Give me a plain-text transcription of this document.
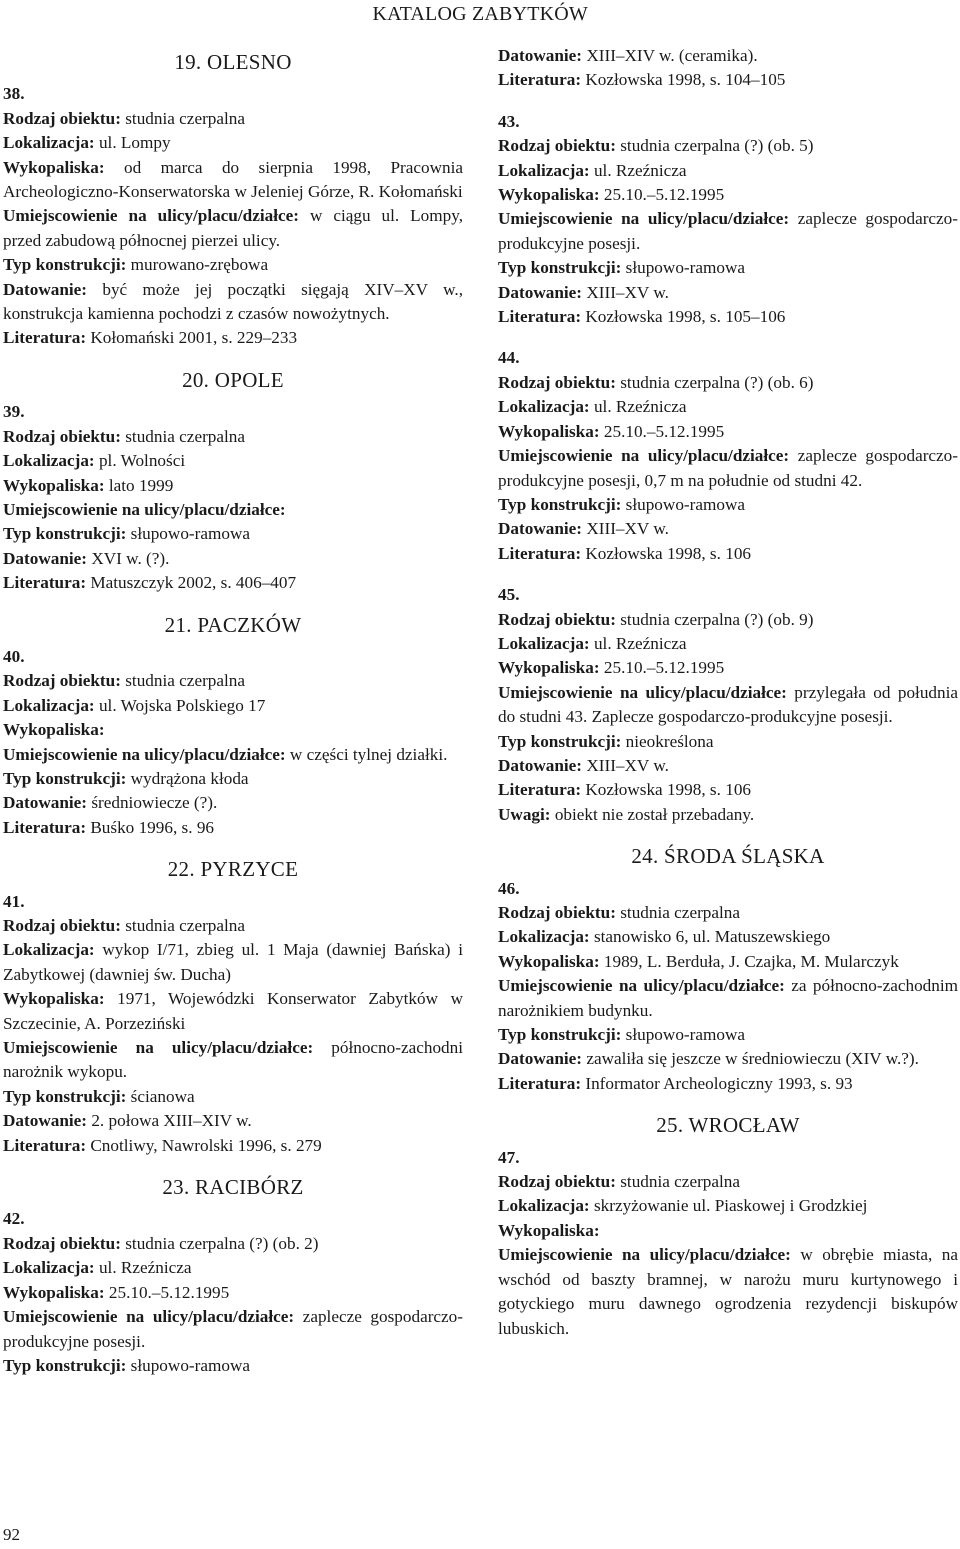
KATALOG ZABYTKÓW
19. OLESNO
38.
Rodzaj obiektu: studnia czerpalna
Lokalizacja: ul. Lompy
Wykopaliska: od marca do sierpnia 1998, Pracownia Archeologiczno-Konserwatorska w Jeleniej Górze, R. Kołomański
Umiejscowienie na ulicy/placu/działce: w ciągu ul. Lompy, przed zabudową północnej pierzei ulicy.
Typ konstrukcji: murowano-zrębowa
Datowanie: być może jej początki sięgają XIV–XV w., konstrukcja kamienna pochodzi z czasów nowożytnych.
Literatura: Kołomański 2001, s. 229–233
20. OPOLE
39.
Rodzaj obiektu: studnia czerpalna
Lokalizacja: pl. Wolności
Wykopaliska: lato 1999
Umiejscowienie na ulicy/placu/działce:
Typ konstrukcji: słupowo-ramowa
Datowanie: XVI w. (?).
Literatura: Matuszczyk 2002, s. 406–407
21. PACZKÓW
40.
Rodzaj obiektu: studnia czerpalna
Lokalizacja: ul. Wojska Polskiego 17
Wykopaliska:
Umiejscowienie na ulicy/placu/działce: w części tylnej działki.
Typ konstrukcji: wydrążona kłoda
Datowanie: średniowiecze (?).
Literatura: Buśko 1996, s. 96
22. PYRZYCE
41.
Rodzaj obiektu: studnia czerpalna
Lokalizacja: wykop I/71, zbieg ul. 1 Maja (dawniej Bańska) i Zabytkowej (dawniej św. Ducha)
Wykopaliska: 1971, Wojewódzki Konserwator Zabytków w Szczecinie, A. Porzeziński
Umiejscowienie na ulicy/placu/działce: północno-zachodni narożnik wykopu.
Typ konstrukcji: ścianowa
Datowanie: 2. połowa XIII–XIV w.
Literatura: Cnotliwy, Nawrolski 1996, s. 279
23. RACIBÓRZ
42.
Rodzaj obiektu: studnia czerpalna (?) (ob. 2)
Lokalizacja: ul. Rzeźnicza
Wykopaliska: 25.10.–5.12.1995
Umiejscowienie na ulicy/placu/działce: zaplecze gospodarczo-produkcyjne posesji.
Typ konstrukcji: słupowo-ramowa
Datowanie: XIII–XIV w. (ceramika).
Literatura: Kozłowska 1998, s. 104–105
43.
Rodzaj obiektu: studnia czerpalna (?) (ob. 5)
Lokalizacja: ul. Rzeźnicza
Wykopaliska: 25.10.–5.12.1995
Umiejscowienie na ulicy/placu/działce: zaplecze gospodarczo-produkcyjne posesji.
Typ konstrukcji: słupowo-ramowa
Datowanie: XIII–XV w.
Literatura: Kozłowska 1998, s. 105–106
44.
Rodzaj obiektu: studnia czerpalna (?) (ob. 6)
Lokalizacja: ul. Rzeźnicza
Wykopaliska: 25.10.–5.12.1995
Umiejscowienie na ulicy/placu/działce: zaplecze gospodarczo-produkcyjne posesji, 0,7 m na południe od studni 42.
Typ konstrukcji: słupowo-ramowa
Datowanie: XIII–XV w.
Literatura: Kozłowska 1998, s. 106
45.
Rodzaj obiektu: studnia czerpalna (?) (ob. 9)
Lokalizacja: ul. Rzeźnicza
Wykopaliska: 25.10.–5.12.1995
Umiejscowienie na ulicy/placu/działce: przylegała od południa do studni 43. Zaplecze gospodarczo-produkcyjne posesji.
Typ konstrukcji: nieokreślona
Datowanie: XIII–XV w.
Literatura: Kozłowska 1998, s. 106
Uwagi: obiekt nie został przebadany.
24. ŚRODA ŚLĄSKA
46.
Rodzaj obiektu: studnia czerpalna
Lokalizacja: stanowisko 6, ul. Matuszewskiego
Wykopaliska: 1989, L. Berduła, J. Czajka, M. Mularczyk
Umiejscowienie na ulicy/placu/działce: za północno-zachodnim narożnikiem budynku.
Typ konstrukcji: słupowo-ramowa
Datowanie: zawaliła się jeszcze w średniowieczu (XIV w.?).
Literatura: Informator Archeologiczny 1993, s. 93
25. WROCŁAW
47.
Rodzaj obiektu: studnia czerpalna
Lokalizacja: skrzyżowanie ul. Piaskowej i Grodzkiej
Wykopaliska:
Umiejscowienie na ulicy/placu/działce: w obrębie miasta, na wschód od baszty bramnej, w narożu muru kurtynowego i gotyckiego muru dawnego ogrodzenia rezydencji biskupów lubuskich.
92
